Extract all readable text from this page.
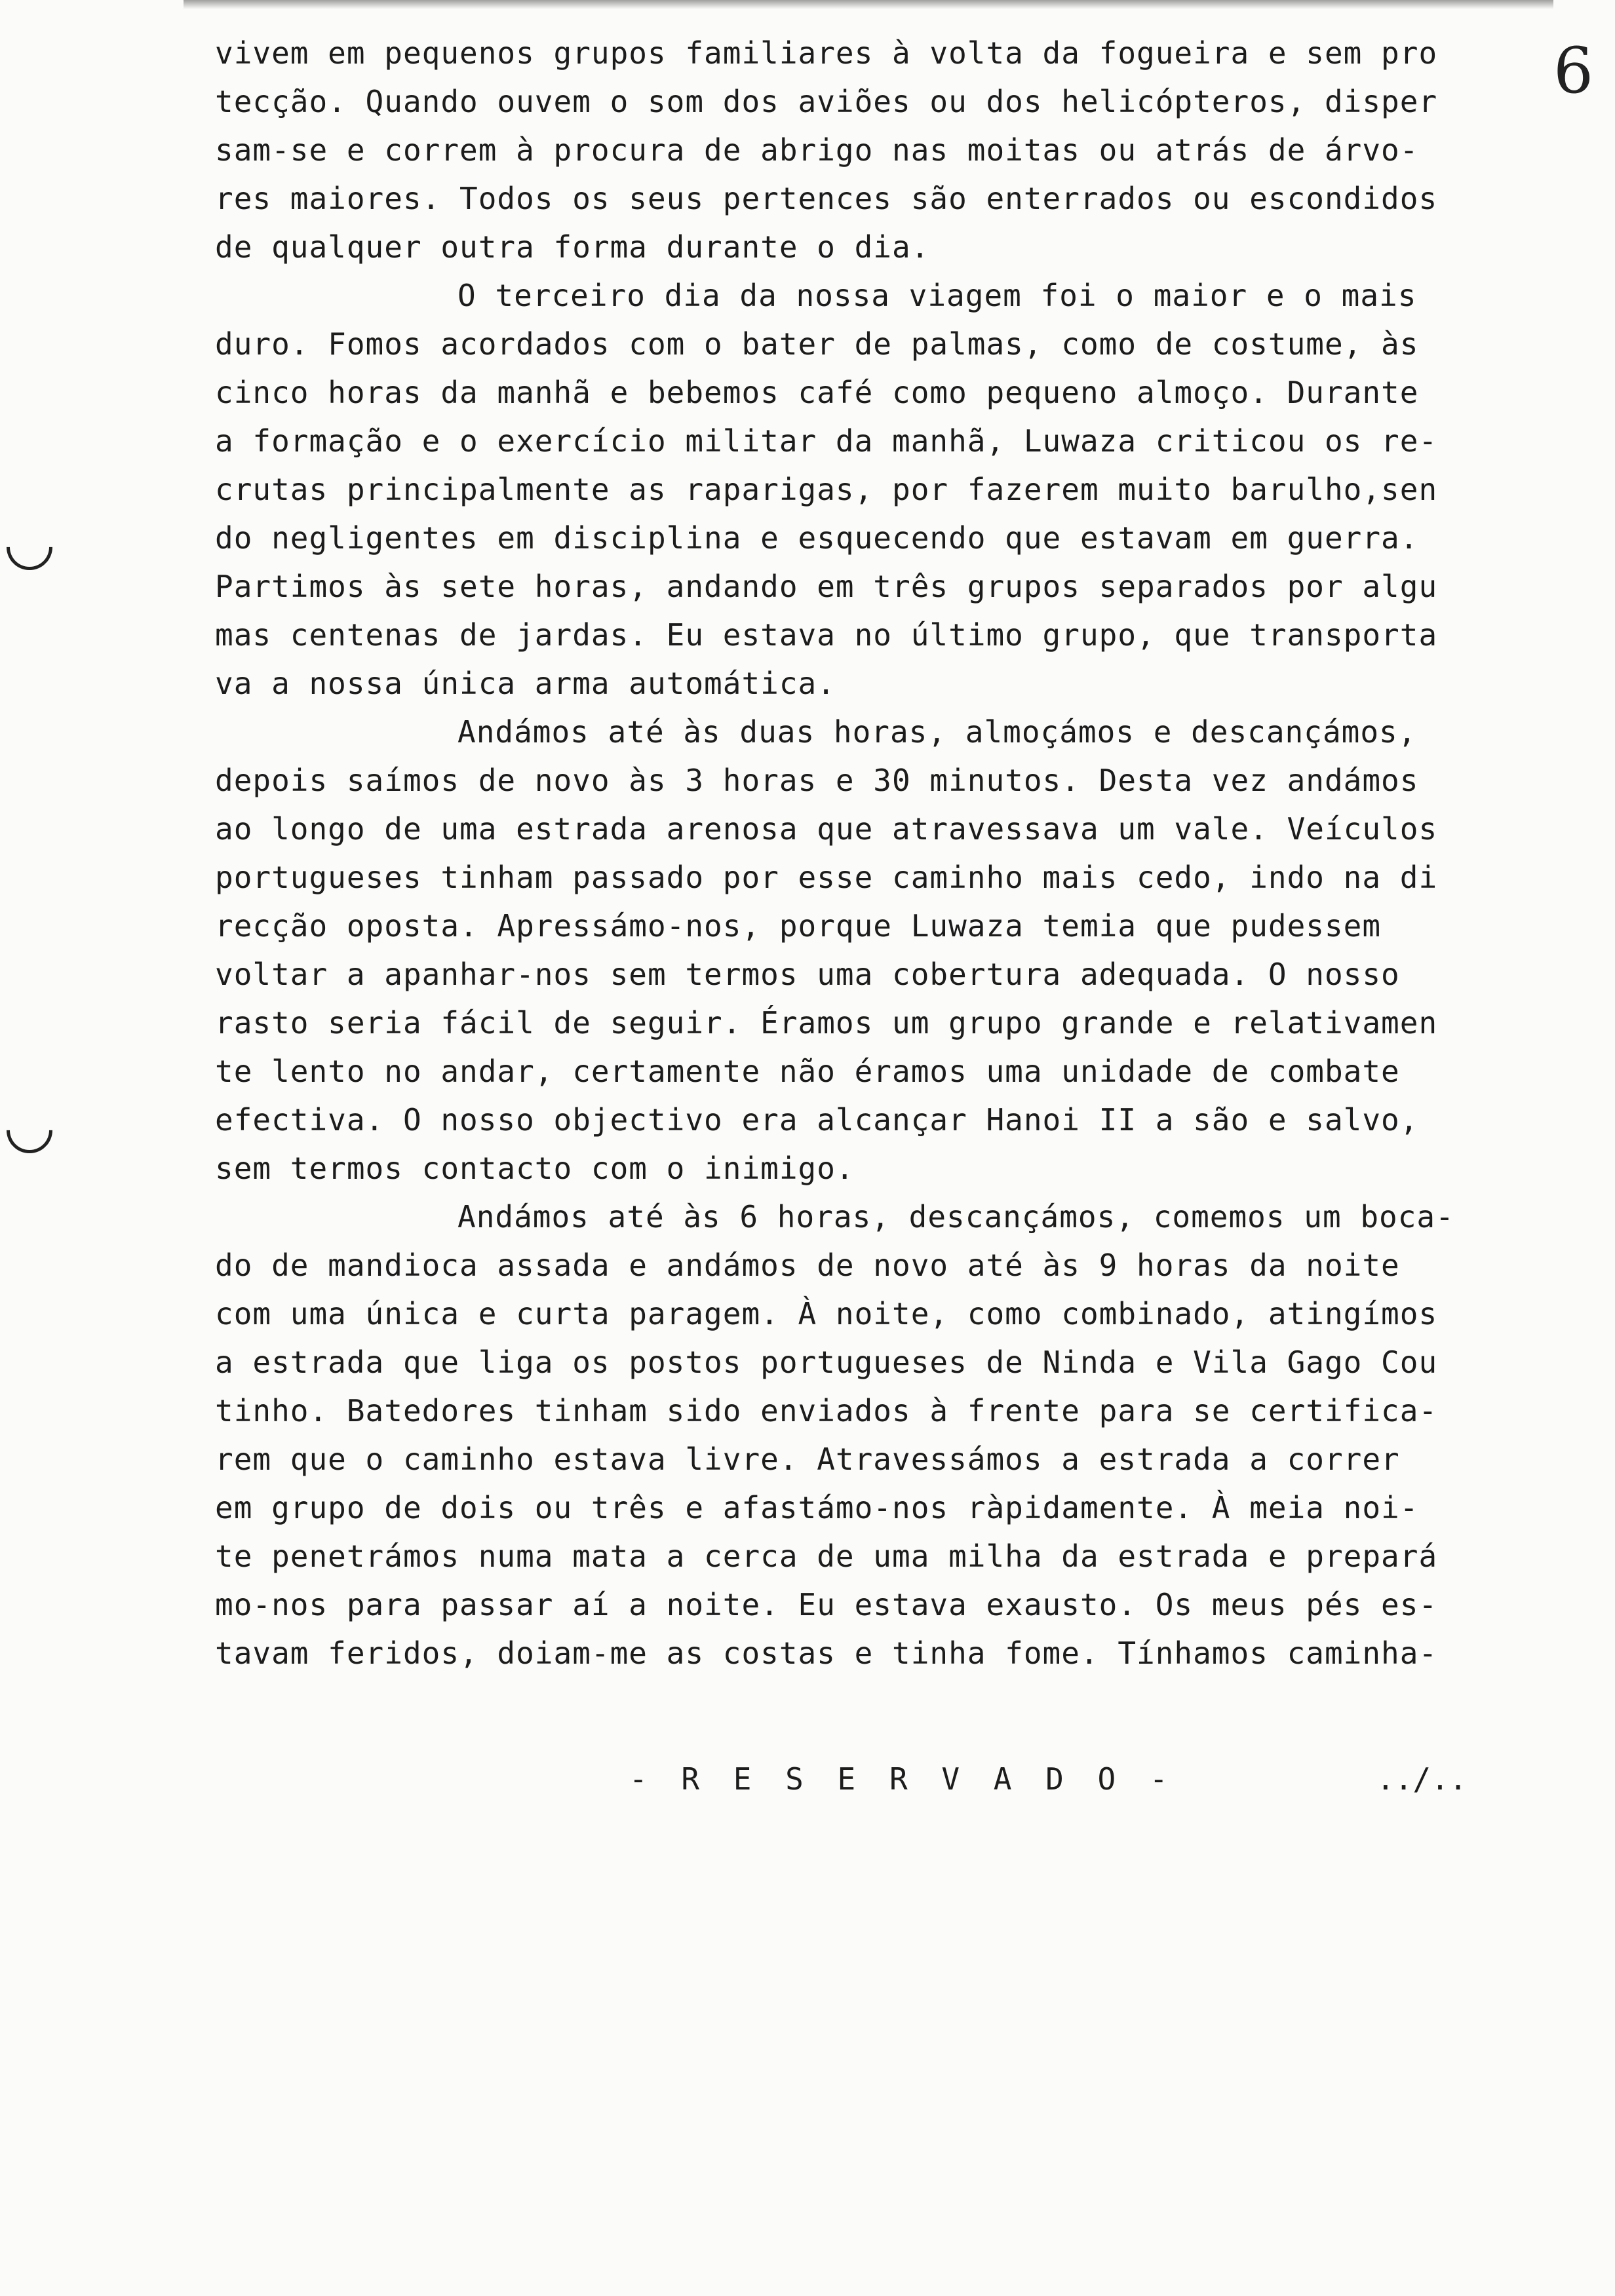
6
vivem em pequenos grupos familiares à volta da fogueira e sem pro
tecção. Quando ouvem o som dos aviões ou dos helicópteros, disper
sam-se e correm à procura de abrigo nas moitas ou atrás de árvo-
res maiores. Todos os seus pertences são enterrados ou escondidos
de qualquer outra forma durante o dia.
O terceiro dia da nossa viagem foi o maior e o mais
duro. Fomos acordados com o bater de palmas, como de costume, às
cinco horas da manhã e bebemos café como pequeno almoço. Durante
a formação e o exercício militar da manhã, Luwaza criticou os re-
crutas principalmente as raparigas, por fazerem muito barulho,sen
do negligentes em disciplina e esquecendo que estavam em guerra.
Partimos às sete horas, andando em três grupos separados por algu
mas centenas de jardas. Eu estava no último grupo, que transporta
va a nossa única arma automática.
Andámos até às duas horas, almoçámos e descançámos,
depois saímos de novo às 3 horas e 30 minutos. Desta vez andámos
ao longo de uma estrada arenosa que atravessava um vale. Veículos
portugueses tinham passado por esse caminho mais cedo, indo na di
recção oposta. Apressámo-nos, porque Luwaza temia que pudessem
voltar a apanhar-nos sem termos uma cobertura adequada. O nosso
rasto seria fácil de seguir. Éramos um grupo grande e relativamen
te lento no andar, certamente não éramos uma unidade de combate
efectiva. O nosso objectivo era alcançar Hanoi II a são e salvo,
sem termos contacto com o inimigo.
Andámos até às 6 horas, descançámos, comemos um boca-
do de mandioca assada e andámos de novo até às 9 horas da noite
com uma única e curta paragem. À noite, como combinado, atingímos
a estrada que liga os postos portugueses de Ninda e Vila Gago Cou
tinho. Batedores tinham sido enviados à frente para se certifica-
rem que o caminho estava livre. Atravessámos a estrada a correr
em grupo de dois ou três e afastámo-nos ràpidamente. À meia noi-
te penetrámos numa mata a cerca de uma milha da estrada e prepará
mo-nos para passar aí a noite. Eu estava exausto. Os meus pés es-
tavam feridos, doiam-me as costas e tinha fome. Tínhamos caminha-
- R E S E R V A D O -	../..
